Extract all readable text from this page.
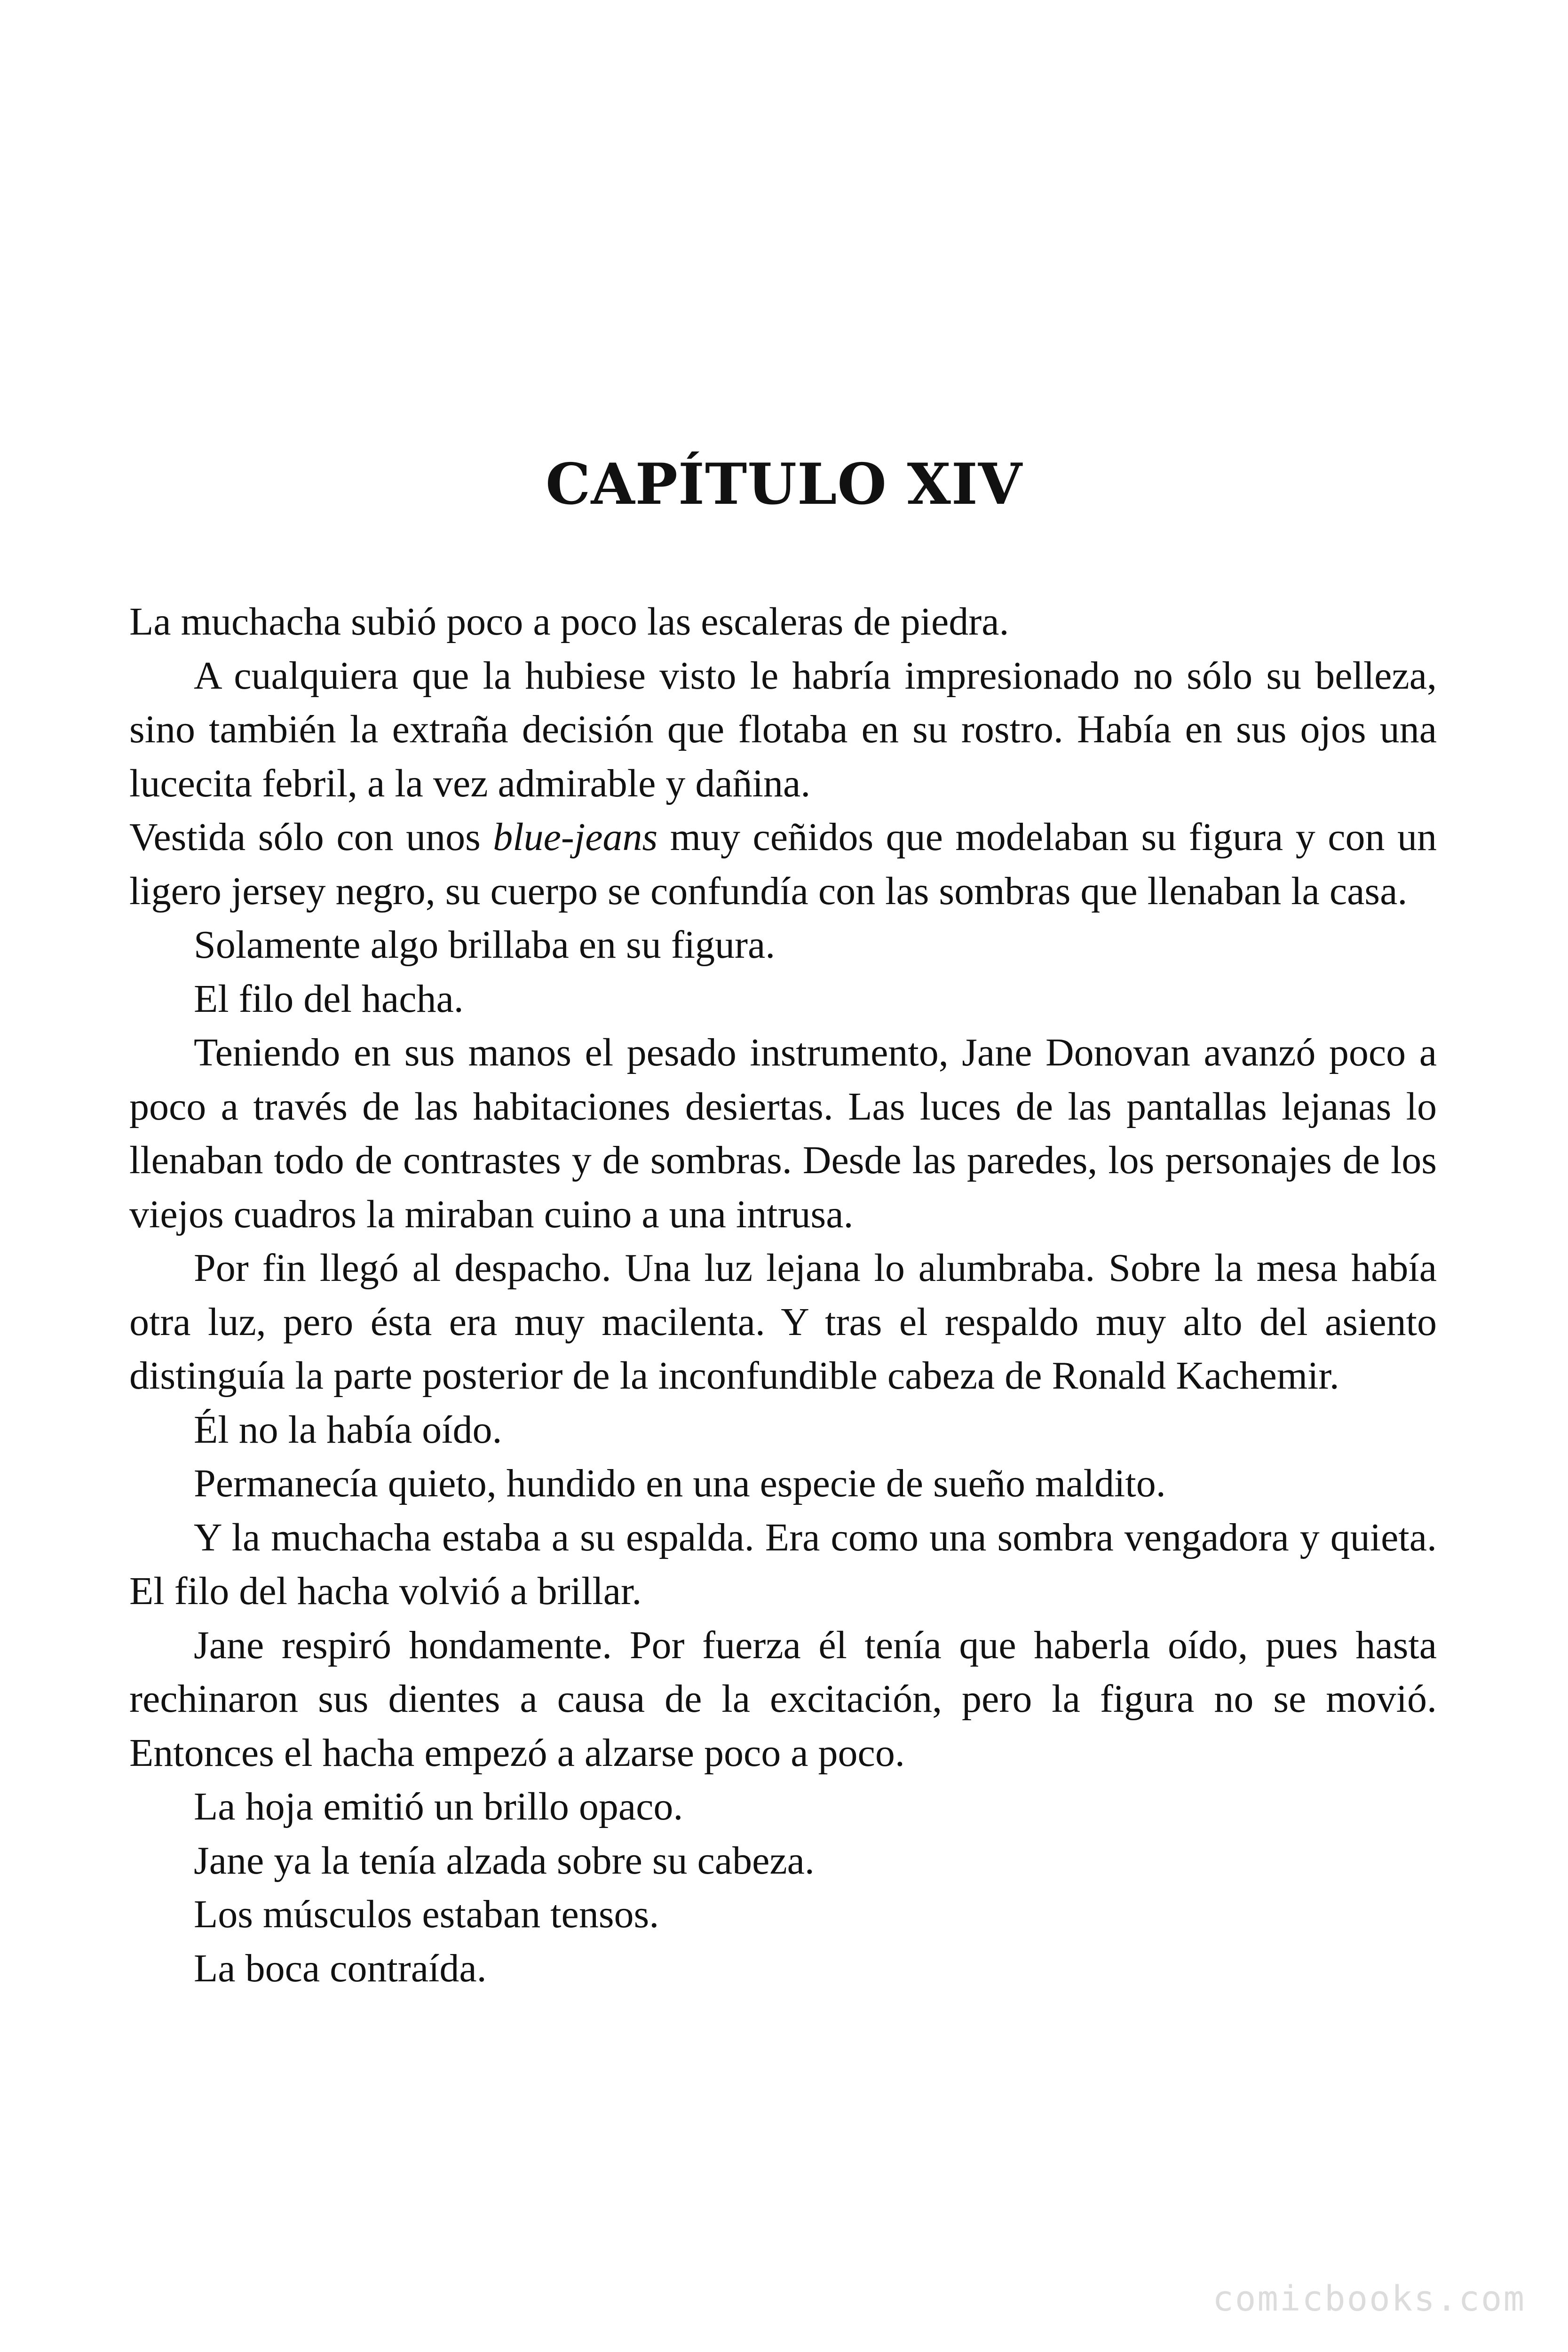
CAPÍTULO XIV

La muchacha subió poco a poco las escaleras de piedra.

A cualquiera que la hubiese visto le habría impresionado no sólo su belleza, sino también la extraña decisión que flotaba en su rostro. Había en sus ojos una lucecita febril, a la vez admirable y dañina.

Vestida sólo con unos blue-jeans muy ceñidos que modelaban su figura y con un ligero jersey negro, su cuerpo se confundía con las sombras que llenaban la casa.

Solamente algo brillaba en su figura.

El filo del hacha.

Teniendo en sus manos el pesado instrumento, Jane Donovan avanzó poco a poco a través de las habitaciones desiertas. Las luces de las pantallas lejanas lo llenaban todo de contrastes y de sombras. Desde las paredes, los personajes de los viejos cuadros la miraban cuino a una intrusa.

Por fin llegó al despacho. Una luz lejana lo alumbraba. Sobre la mesa había otra luz, pero ésta era muy macilenta. Y tras el respaldo muy alto del asiento distinguía la parte posterior de la inconfundible cabeza de Ronald Kachemir.

Él no la había oído.

Permanecía quieto, hundido en una especie de sueño maldito.

Y la muchacha estaba a su espalda. Era como una sombra vengadora y quieta. El filo del hacha volvió a brillar.

Jane respiró hondamente. Por fuerza él tenía que haberla oído, pues hasta rechinaron sus dientes a causa de la excitación, pero la figura no se movió. Entonces el hacha empezó a alzarse poco a poco.

La hoja emitió un brillo opaco.

Jane ya la tenía alzada sobre su cabeza.

Los músculos estaban tensos.

La boca contraída.

comicbooks.com
